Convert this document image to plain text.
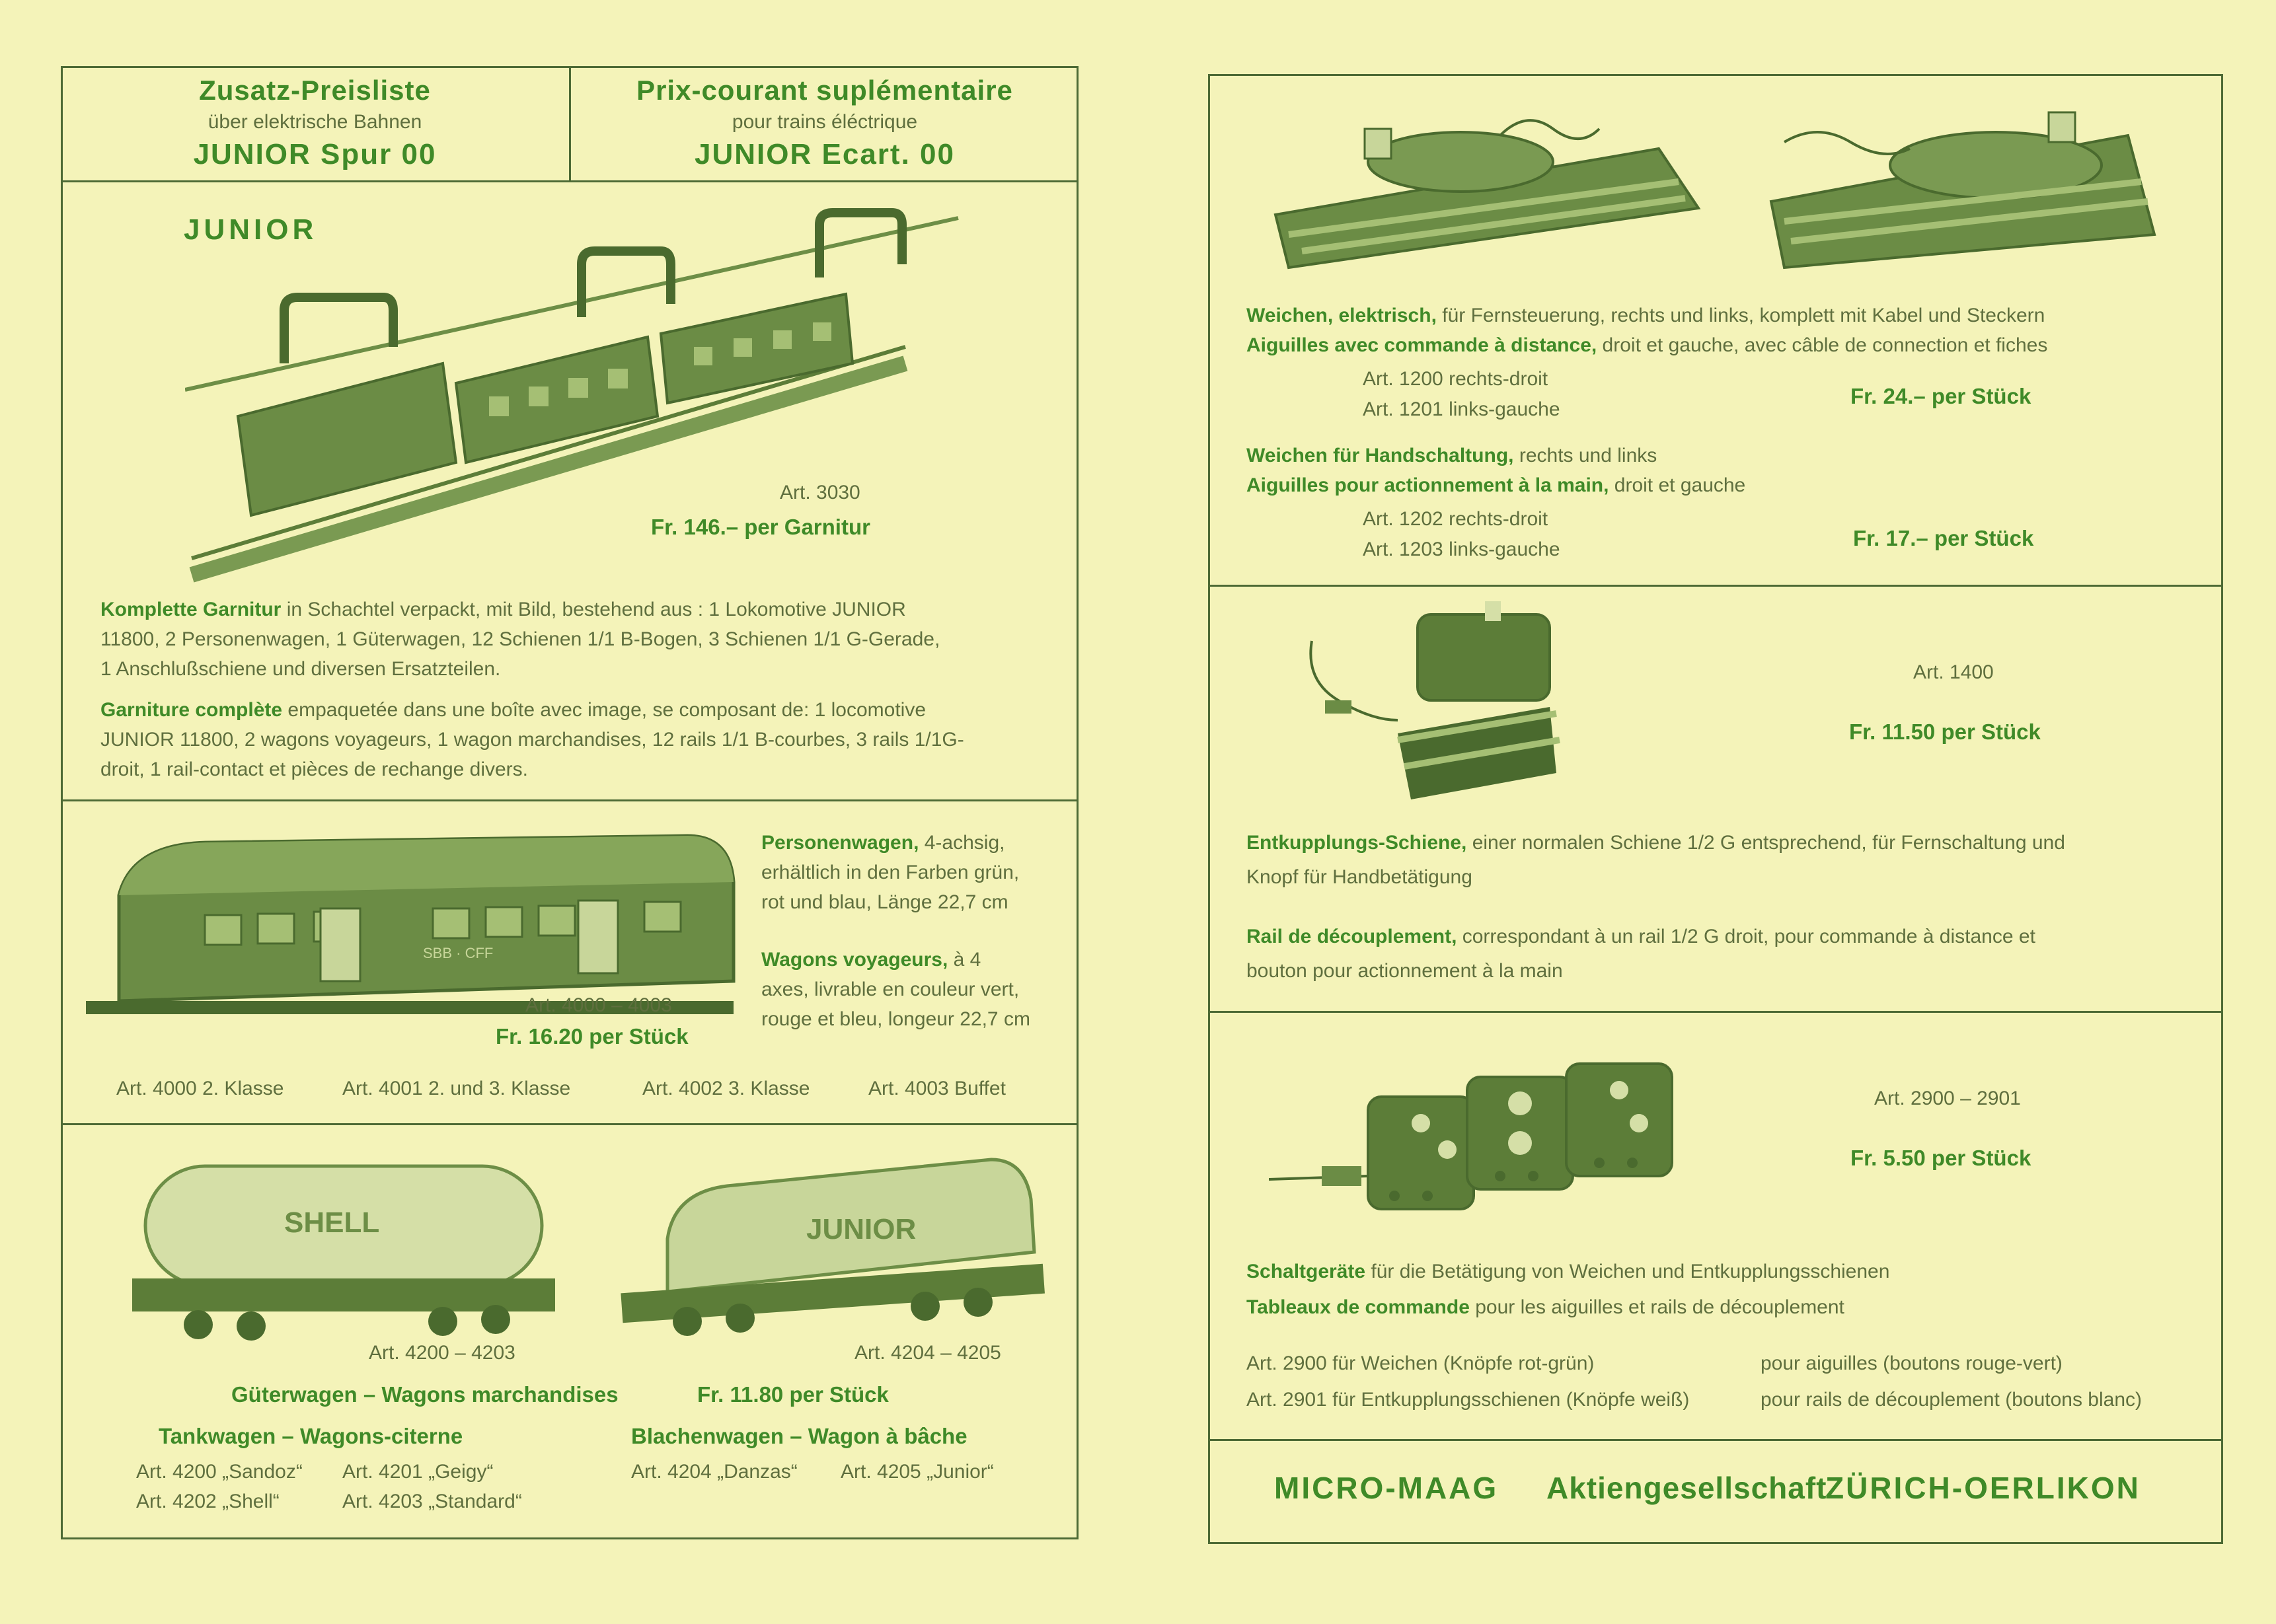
Zusatz-Preisliste
über elektrische Bahnen
JUNIOR Spur 00
Prix-courant suplémentaire
pour trains éléctrique
JUNIOR Ecart. 00
JUNIOR
Art. 3030
Fr. 146.– per Garnitur
Komplette Garnitur in Schachtel verpackt, mit Bild, bestehend aus : 1 Lokomotive JUNIOR
11800, 2 Personenwagen, 1 Güterwagen, 12 Schienen 1/1 B-Bogen, 3 Schienen 1/1 G-Gerade,
1 Anschlußschiene und diversen Ersatzteilen.
Garniture complète empaquetée dans une boîte avec image, se composant de: 1 locomotive
JUNIOR 11800, 2 wagons voyageurs, 1 wagon marchandises, 12 rails 1/1 B-courbes, 3 rails 1/1G-
droit, 1 rail-contact et pièces de rechange divers.
SBB · CFF
Personenwagen, 4-achsig,
erhältlich in den Farben grün,
rot und blau, Länge 22,7 cm
Wagons voyageurs, à 4
axes, livrable en couleur vert,
rouge et bleu, longeur 22,7 cm
Art. 4000 – 4003
Fr. 16.20 per Stück
Art. 4000 2. Klasse	Art. 4001 2. und 3. Klasse	Art. 4002 3. Klasse	Art. 4003 Buffet
SHELL	JUNIOR
Art. 4200 – 4203	Art. 4204 – 4205
Güterwagen – Wagons marchandises	Fr. 11.80 per Stück
Tankwagen – Wagons-citerne	Blachenwagen – Wagon à bâche
Art. 4200 „Sandoz“ Art. 4201 „Geigy“
Art. 4202 „Shell“	Art. 4203 „Standard“
Art. 4204 „Danzas“ Art. 4205 „Junior“
Weichen, elektrisch, für Fernsteuerung, rechts und links, komplett mit Kabel und Steckern
Aiguilles avec commande à distance, droit et gauche, avec câble de connection et fiches
Art. 1200 rechts-droit
Art. 1201 links-gauche
Fr. 24.– per Stück
Weichen für Handschaltung, rechts und links
Aiguilles pour actionnement à la main, droit et gauche
Art. 1202 rechts-droit
Art. 1203 links-gauche	Fr. 17.– per Stück
Art. 1400
Fr. 11.50 per Stück
Entkupplungs-Schiene, einer normalen Schiene 1/2 G entsprechend, für Fernschaltung und
Knopf für Handbetätigung
Rail de découplement, correspondant à un rail 1/2 G droit, pour commande à distance et
bouton pour actionnement à la main
Art. 2900 – 2901
Fr. 5.50 per Stück
Schaltgeräte für die Betätigung von Weichen und Entkupplungsschienen
Tableaux de commande pour les aiguilles et rails de découplement
Art. 2900 für Weichen (Knöpfe rot-grün)	pour aiguilles (boutons rouge-vert)
Art. 2901 für Entkupplungsschienen (Knöpfe weiß)	pour rails de découplement (boutons blanc)
MICRO-MAAG Aktiengesellschaft
ZÜRICH-OERLIKON
